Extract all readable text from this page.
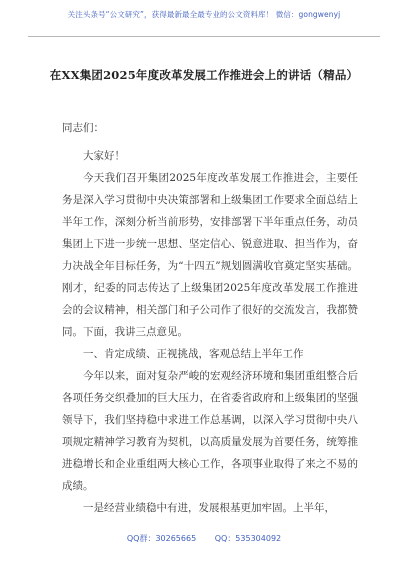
关注头条号“公文研究”，获得最新最全最专业的公文资料库！ 微信：gongwenyj
在XX集团2025年度改革发展工作推进会上的讲话（精品）

同志们：

大家好！

今天我们召开集团2025年度改革发展工作推进会，主要任务是深入学习贯彻中央决策部署和上级集团工作要求全面总结上半年工作，深刻分析当前形势，安排部署下半年重点任务，动员集团上下进一步统一思想、坚定信心、锐意进取、担当作为，奋力决战全年目标任务，为“十四五”规划圆满收官奠定坚实基础。刚才，纪委的同志传达了上级集团2025年度改革发展工作推进会的会议精神，相关部门和子公司作了很好的交流发言，我都赞同。下面，我讲三点意见。

一、肯定成绩、正视挑战，客观总结上半年工作

今年以来，面对复杂严峻的宏观经济环境和集团重组整合后各项任务交织叠加的巨大压力，在省委省政府和上级集团的坚强领导下，我们坚持稳中求进工作总基调，以深入学习贯彻中央八项规定精神学习教育为契机，以高质量发展为首要任务，统筹推进稳增长和企业重组两大核心工作，各项事业取得了来之不易的成绩。

一是经营业绩稳中有进，发展根基更加牢固。上半年，

QQ群：30265665 QQ：535304092
